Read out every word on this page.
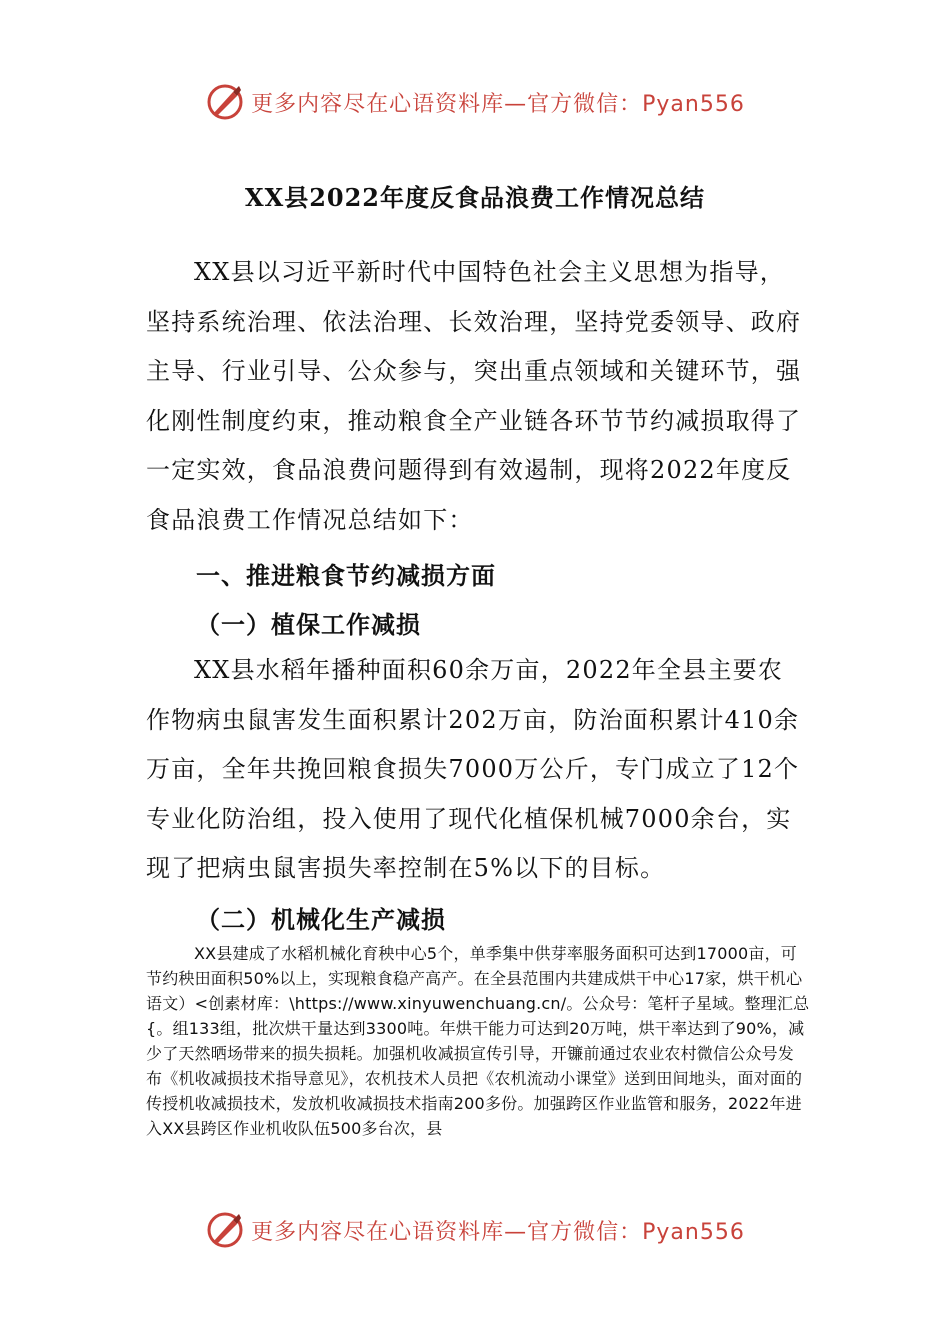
更多内容尽在心语资料库—官方微信：Pyan556
XX县2022年度反食品浪费工作情况总结
XX县以习近平新时代中国特色社会主义思想为指导，坚持系统治理、依法治理、长效治理，坚持党委领导、政府主导、行业引导、公众参与，突出重点领域和关键环节，强化刚性制度约束，推动粮食全产业链各环节节约减损取得了一定实效，食品浪费问题得到有效遏制，现将2022年度反食品浪费工作情况总结如下：
一、推进粮食节约减损方面
（一）植保工作减损
XX县水稻年播种面积60余万亩，2022年全县主要农作物病虫鼠害发生面积累计202万亩，防治面积累计410余万亩，全年共挽回粮食损失7000万公斤，专门成立了12个专业化防治组，投入使用了现代化植保机械7000余台，实现了把病虫鼠害损失率控制在5%以下的目标。
（二）机械化生产减损
XX县建成了水稻机械化育秧中心5个，单季集中供芽率服务面积可达到17000亩，可节约秧田面积50%以上，实现粮食稳产高产。在全县范围内共建成烘干中心17家，烘干机心语文）<创素材库：\https://www.xinyuwenchuang.cn/。公众号：笔杆子星域。整理汇总{。组133组，批次烘干量达到3300吨。年烘干能力可达到20万吨，烘干率达到了90%，减少了天然晒场带来的损失损耗。加强机收减损宣传引导，开镰前通过农业农村微信公众号发布《机收减损技术指导意见》，农机技术人员把《农机流动小课堂》送到田间地头，面对面的传授机收减损技术，发放机收减损技术指南200多份。加强跨区作业监管和服务，2022年进入XX县跨区作业机收队伍500多台次，县
更多内容尽在心语资料库—官方微信：Pyan556
